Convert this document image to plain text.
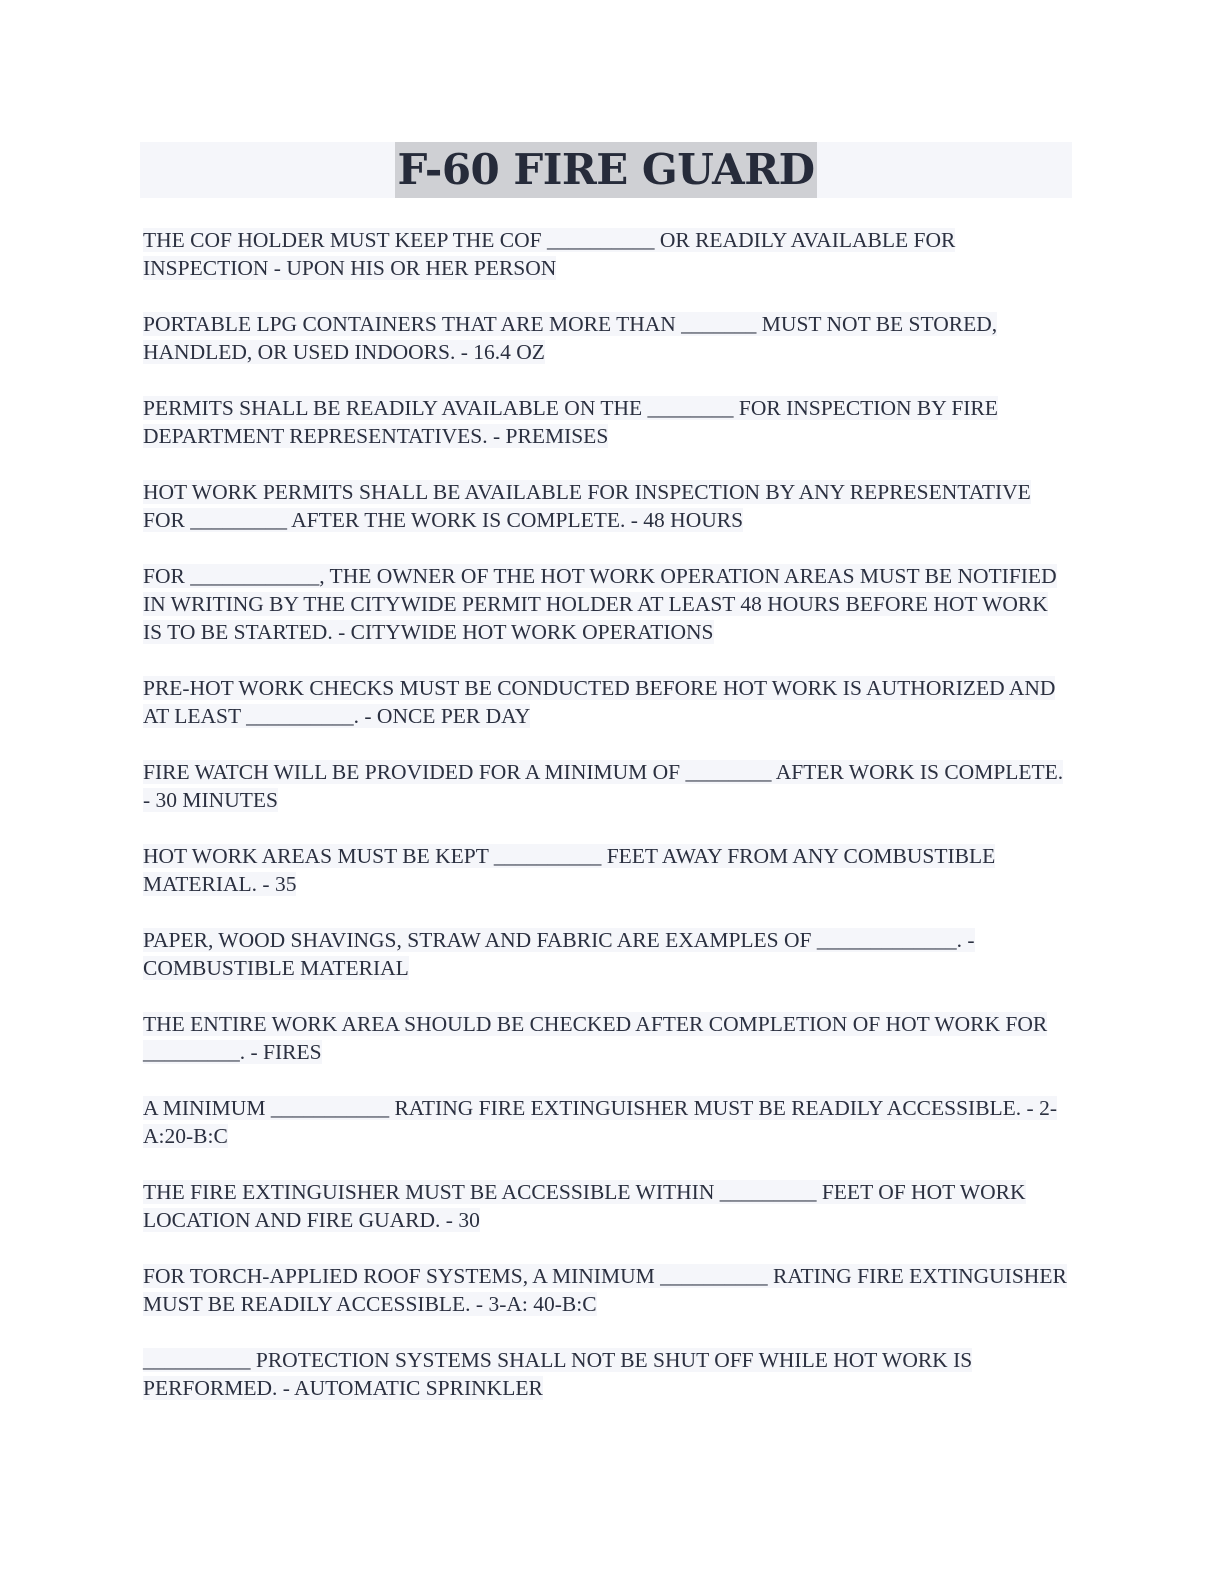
F-60 FIRE GUARD

THE COF HOLDER MUST KEEP THE COF __________ OR READILY AVAILABLE FOR INSPECTION - UPON HIS OR HER PERSON

PORTABLE LPG CONTAINERS THAT ARE MORE THAN _______ MUST NOT BE STORED, HANDLED, OR USED INDOORS. - 16.4 OZ

PERMITS SHALL BE READILY AVAILABLE ON THE ________ FOR INSPECTION BY FIRE DEPARTMENT REPRESENTATIVES. - PREMISES

HOT WORK PERMITS SHALL BE AVAILABLE FOR INSPECTION BY ANY REPRESENTATIVE FOR _________ AFTER THE WORK IS COMPLETE. - 48 HOURS

FOR ____________, THE OWNER OF THE HOT WORK OPERATION AREAS MUST BE NOTIFIED IN WRITING BY THE CITYWIDE PERMIT HOLDER AT LEAST 48 HOURS BEFORE HOT WORK IS TO BE STARTED. - CITYWIDE HOT WORK OPERATIONS

PRE-HOT WORK CHECKS MUST BE CONDUCTED BEFORE HOT WORK IS AUTHORIZED AND AT LEAST __________. - ONCE PER DAY

FIRE WATCH WILL BE PROVIDED FOR A MINIMUM OF ________ AFTER WORK IS COMPLETE. - 30 MINUTES

HOT WORK AREAS MUST BE KEPT __________ FEET AWAY FROM ANY COMBUSTIBLE MATERIAL. - 35

PAPER, WOOD SHAVINGS, STRAW AND FABRIC ARE EXAMPLES OF _____________. - COMBUSTIBLE MATERIAL

THE ENTIRE WORK AREA SHOULD BE CHECKED AFTER COMPLETION OF HOT WORK FOR _________. - FIRES

A MINIMUM ___________ RATING FIRE EXTINGUISHER MUST BE READILY ACCESSIBLE. - 2-A:20-B:C

THE FIRE EXTINGUISHER MUST BE ACCESSIBLE WITHIN _________ FEET OF HOT WORK LOCATION AND FIRE GUARD. - 30

FOR TORCH-APPLIED ROOF SYSTEMS, A MINIMUM __________ RATING FIRE EXTINGUISHER MUST BE READILY ACCESSIBLE. - 3-A: 40-B:C

__________ PROTECTION SYSTEMS SHALL NOT BE SHUT OFF WHILE HOT WORK IS PERFORMED. - AUTOMATIC SPRINKLER
